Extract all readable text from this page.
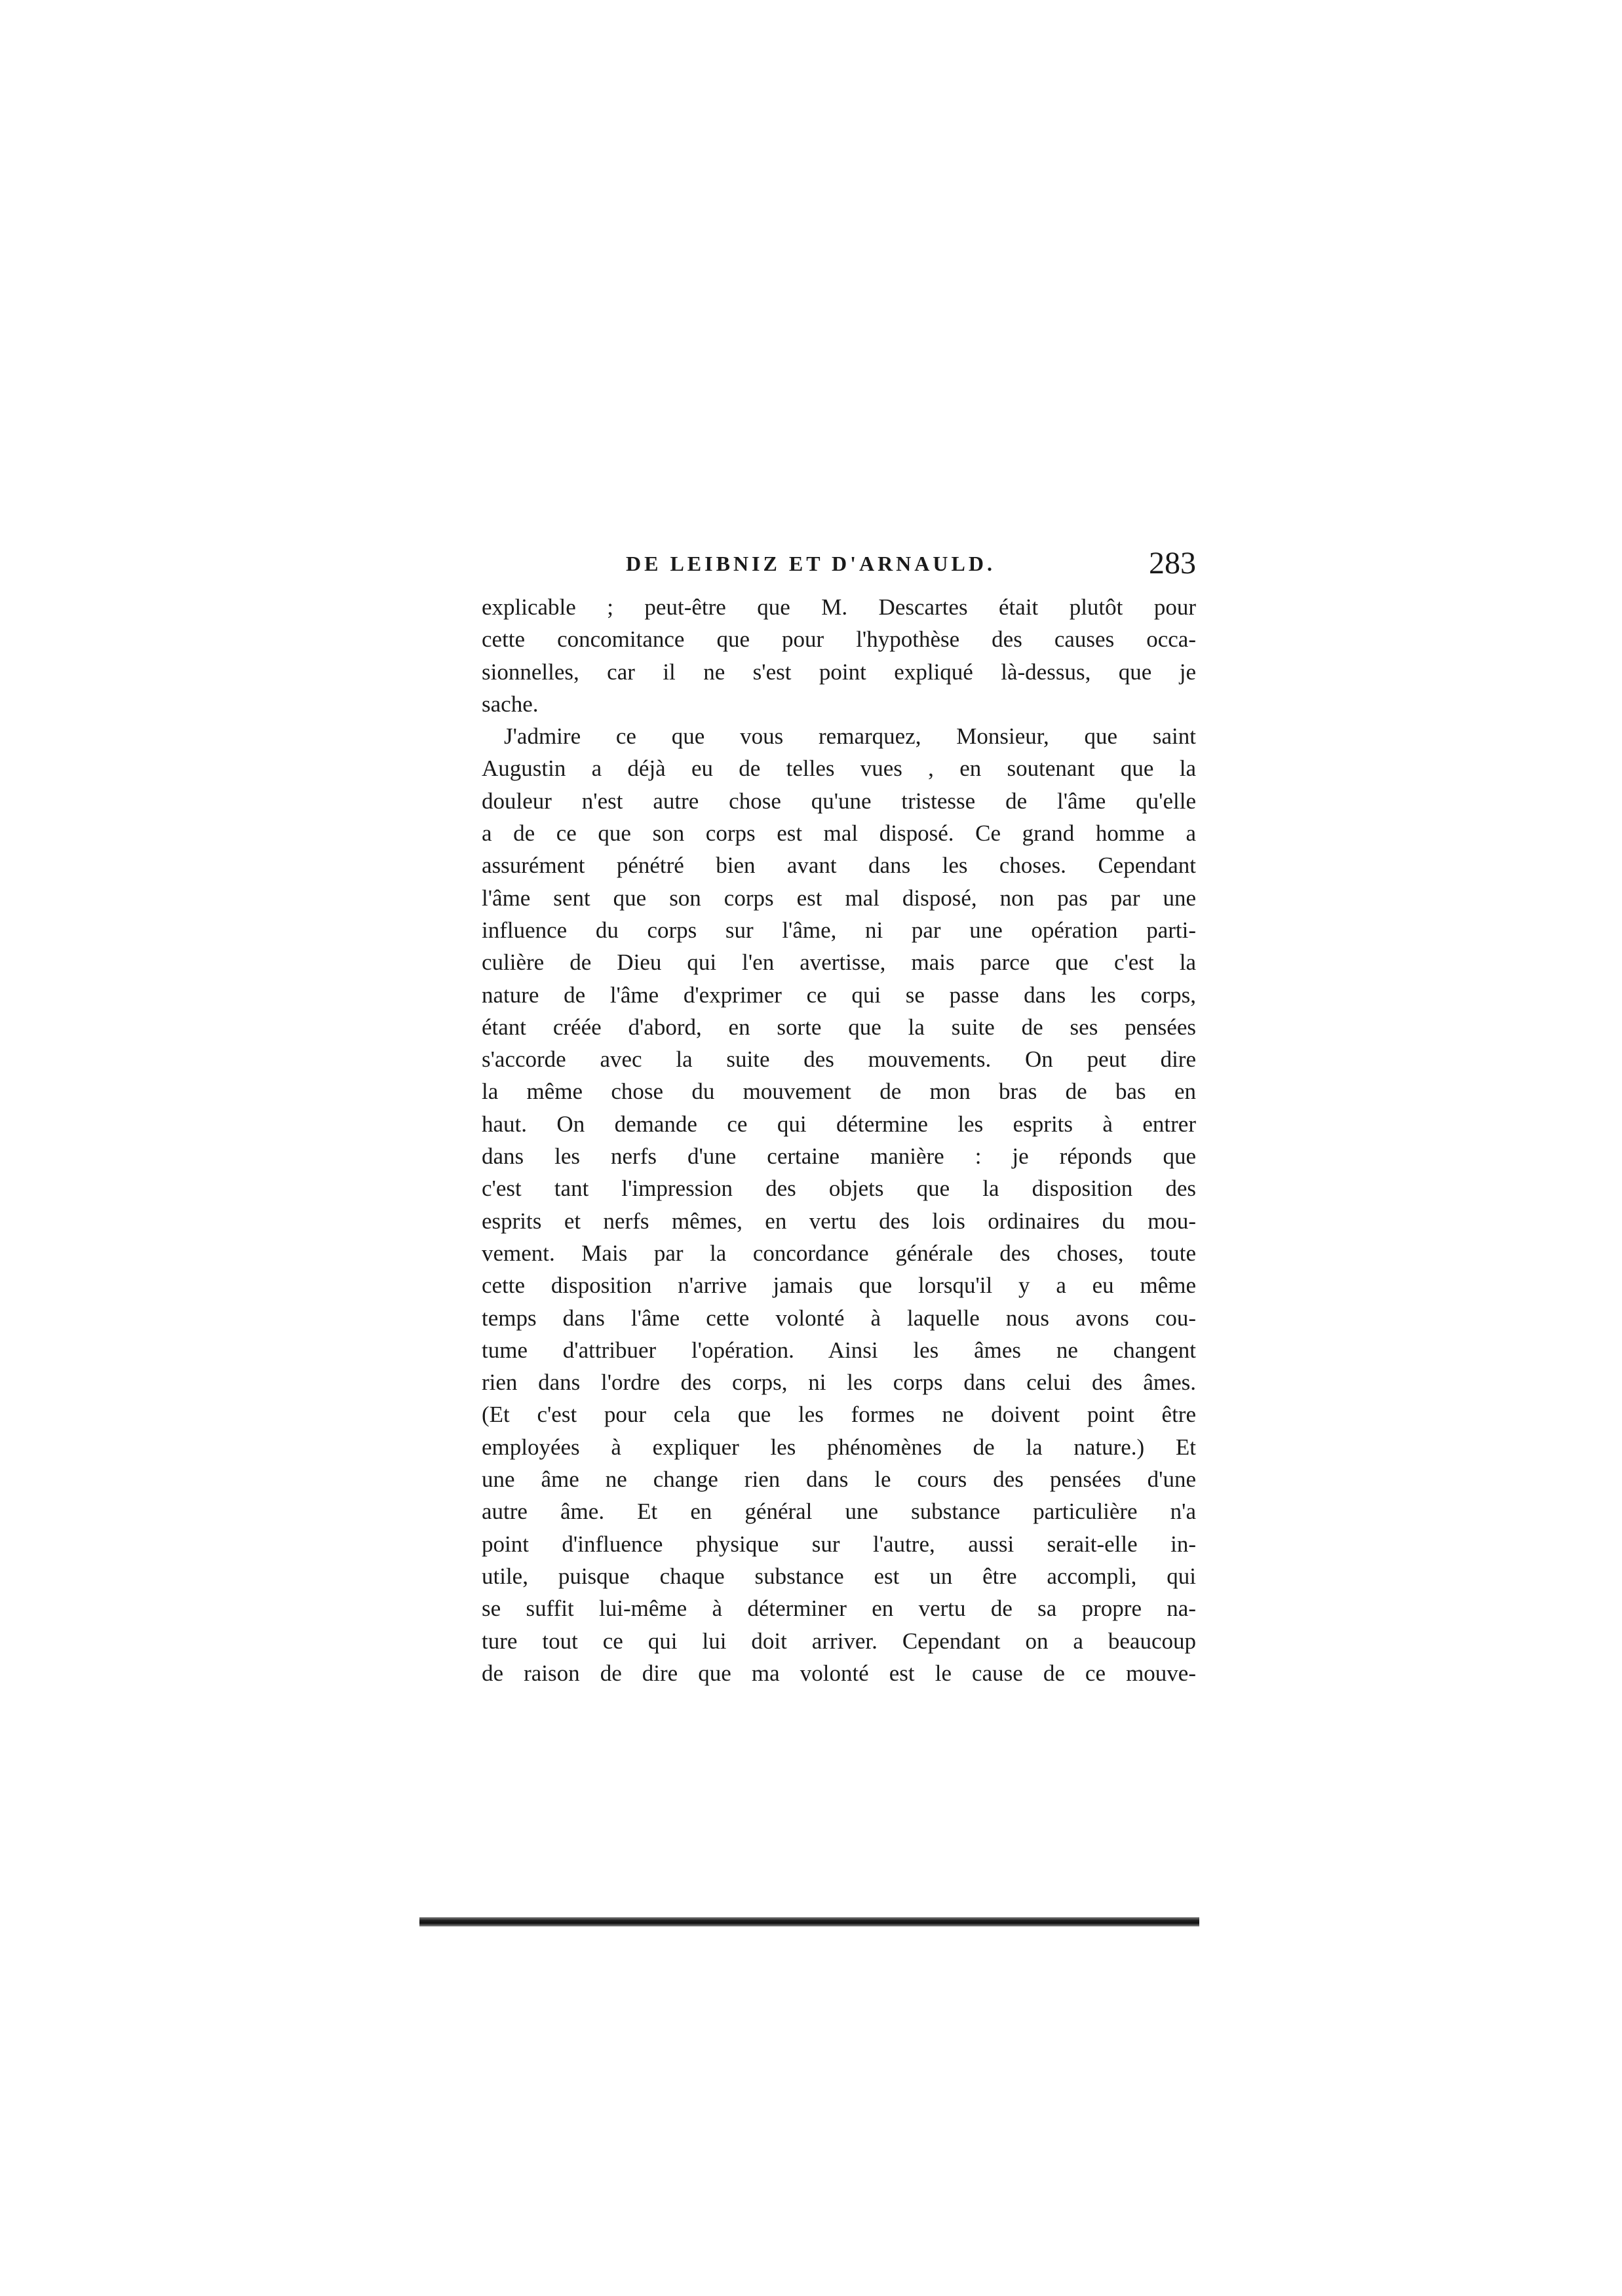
DE LEIBNIZ ET D'ARNAULD.	283
explicable ; peut-être que M. Descartes était plutôt pour
cette concomitance que pour l'hypothèse des causes occa-
sionnelles, car il ne s'est point expliqué là-dessus, que je
sache.
J'admire ce que vous remarquez, Monsieur, que saint
Augustin a déjà eu de telles vues , en soutenant que la
douleur n'est autre chose qu'une tristesse de l'âme qu'elle
a de ce que son corps est mal disposé. Ce grand homme a
assurément pénétré bien avant dans les choses. Cependant
l'âme sent que son corps est mal disposé, non pas par une
influence du corps sur l'âme, ni par une opération parti-
culière de Dieu qui l'en avertisse, mais parce que c'est la
nature de l'âme d'exprimer ce qui se passe dans les corps,
étant créée d'abord, en sorte que la suite de ses pensées
s'accorde avec la suite des mouvements. On peut dire
la même chose du mouvement de mon bras de bas en
haut. On demande ce qui détermine les esprits à entrer
dans les nerfs d'une certaine manière : je réponds que
c'est tant l'impression des objets que la disposition des
esprits et nerfs mêmes, en vertu des lois ordinaires du mou-
vement. Mais par la concordance générale des choses, toute
cette disposition n'arrive jamais que lorsqu'il y a eu même
temps dans l'âme cette volonté à laquelle nous avons cou-
tume d'attribuer l'opération. Ainsi les âmes ne changent
rien dans l'ordre des corps, ni les corps dans celui des âmes.
(Et c'est pour cela que les formes ne doivent point être
employées à expliquer les phénomènes de la nature.) Et
une âme ne change rien dans le cours des pensées d'une
autre âme. Et en général une substance particulière n'a
point d'influence physique sur l'autre, aussi serait-elle in-
utile, puisque chaque substance est un être accompli, qui
se suffit lui-même à déterminer en vertu de sa propre na-
ture tout ce qui lui doit arriver. Cependant on a beaucoup
de raison de dire que ma volonté est le cause de ce mouve-
